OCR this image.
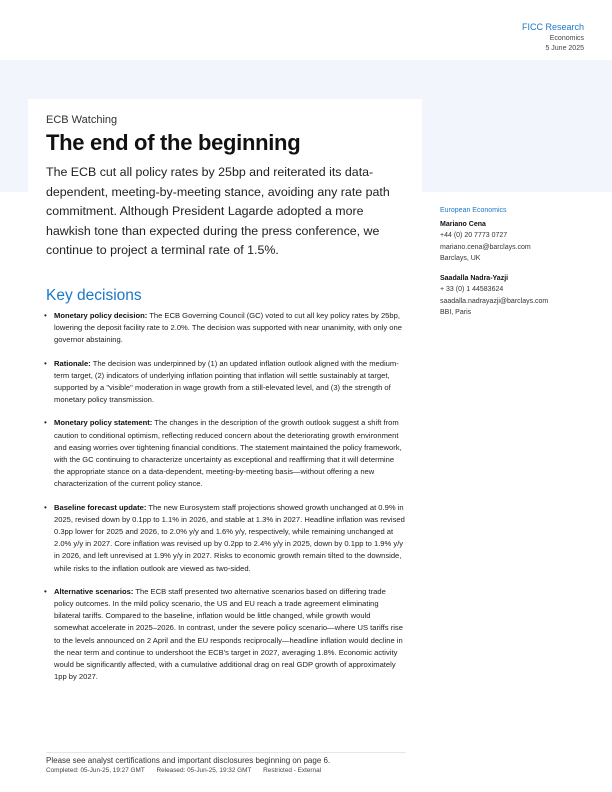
FICC Research
Economics
5 June 2025
ECB Watching
The end of the beginning
The ECB cut all policy rates by 25bp and reiterated its data-dependent, meeting-by-meeting stance, avoiding any rate path commitment. Although President Lagarde adopted a more hawkish tone than expected during the press conference, we continue to project a terminal rate of 1.5%.
European Economics
Mariano Cena
+44 (0) 20 7773 0727
mariano.cena@barclays.com
Barclays, UK
Saadalla Nadra-Yazji
+ 33 (0) 1 44583624
saadalla.nadrayazji@barclays.com
BBI, Paris
Key decisions
• Monetary policy decision: The ECB Governing Council (GC) voted to cut all key policy rates by 25bp, lowering the deposit facility rate to 2.0%. The decision was supported with near unanimity, with only one governor abstaining.
• Rationale: The decision was underpinned by (1) an updated inflation outlook aligned with the medium-term target, (2) indicators of underlying inflation pointing that inflation will settle sustainably at target, supported by a "visible" moderation in wage growth from a still-elevated level, and (3) the strength of monetary policy transmission.
• Monetary policy statement: The changes in the description of the growth outlook suggest a shift from caution to conditional optimism, reflecting reduced concern about the deteriorating growth environment and easing worries over tightening financial conditions. The statement maintained the policy framework, with the GC continuing to characterize uncertainty as exceptional and reaffirming that it will determine the appropriate stance on a data-dependent, meeting-by-meeting basis—without offering a new characterization of the current policy stance.
• Baseline forecast update: The new Eurosystem staff projections showed growth unchanged at 0.9% in 2025, revised down by 0.1pp to 1.1% in 2026, and stable at 1.3% in 2027. Headline inflation was revised 0.3pp lower for 2025 and 2026, to 2.0% y/y and 1.6% y/y, respectively, while remaining unchanged at 2.0% y/y in 2027. Core inflation was revised up by 0.2pp to 2.4% y/y in 2025, down by 0.1pp to 1.9% y/y in 2026, and left unrevised at 1.9% y/y in 2027. Risks to economic growth remain tilted to the downside, while risks to the inflation outlook are viewed as two-sided.
• Alternative scenarios: The ECB staff presented two alternative scenarios based on differing trade policy outcomes. In the mild policy scenario, the US and EU reach a trade agreement eliminating bilateral tariffs. Compared to the baseline, inflation would be little changed, while growth would somewhat accelerate in 2025–2026. In contrast, under the severe policy scenario—where US tariffs rise to the levels announced on 2 April and the EU responds reciprocally—headline inflation would decline in the near term and continue to undershoot the ECB's target in 2027, averaging 1.8%. Economic activity would be significantly affected, with a cumulative additional drag on real GDP growth of approximately 1pp by 2027.
Please see analyst certifications and important disclosures beginning on page 6.
Completed: 05-Jun-25, 19:27 GMT Released: 05-Jun-25, 19:32 GMT Restricted - External
